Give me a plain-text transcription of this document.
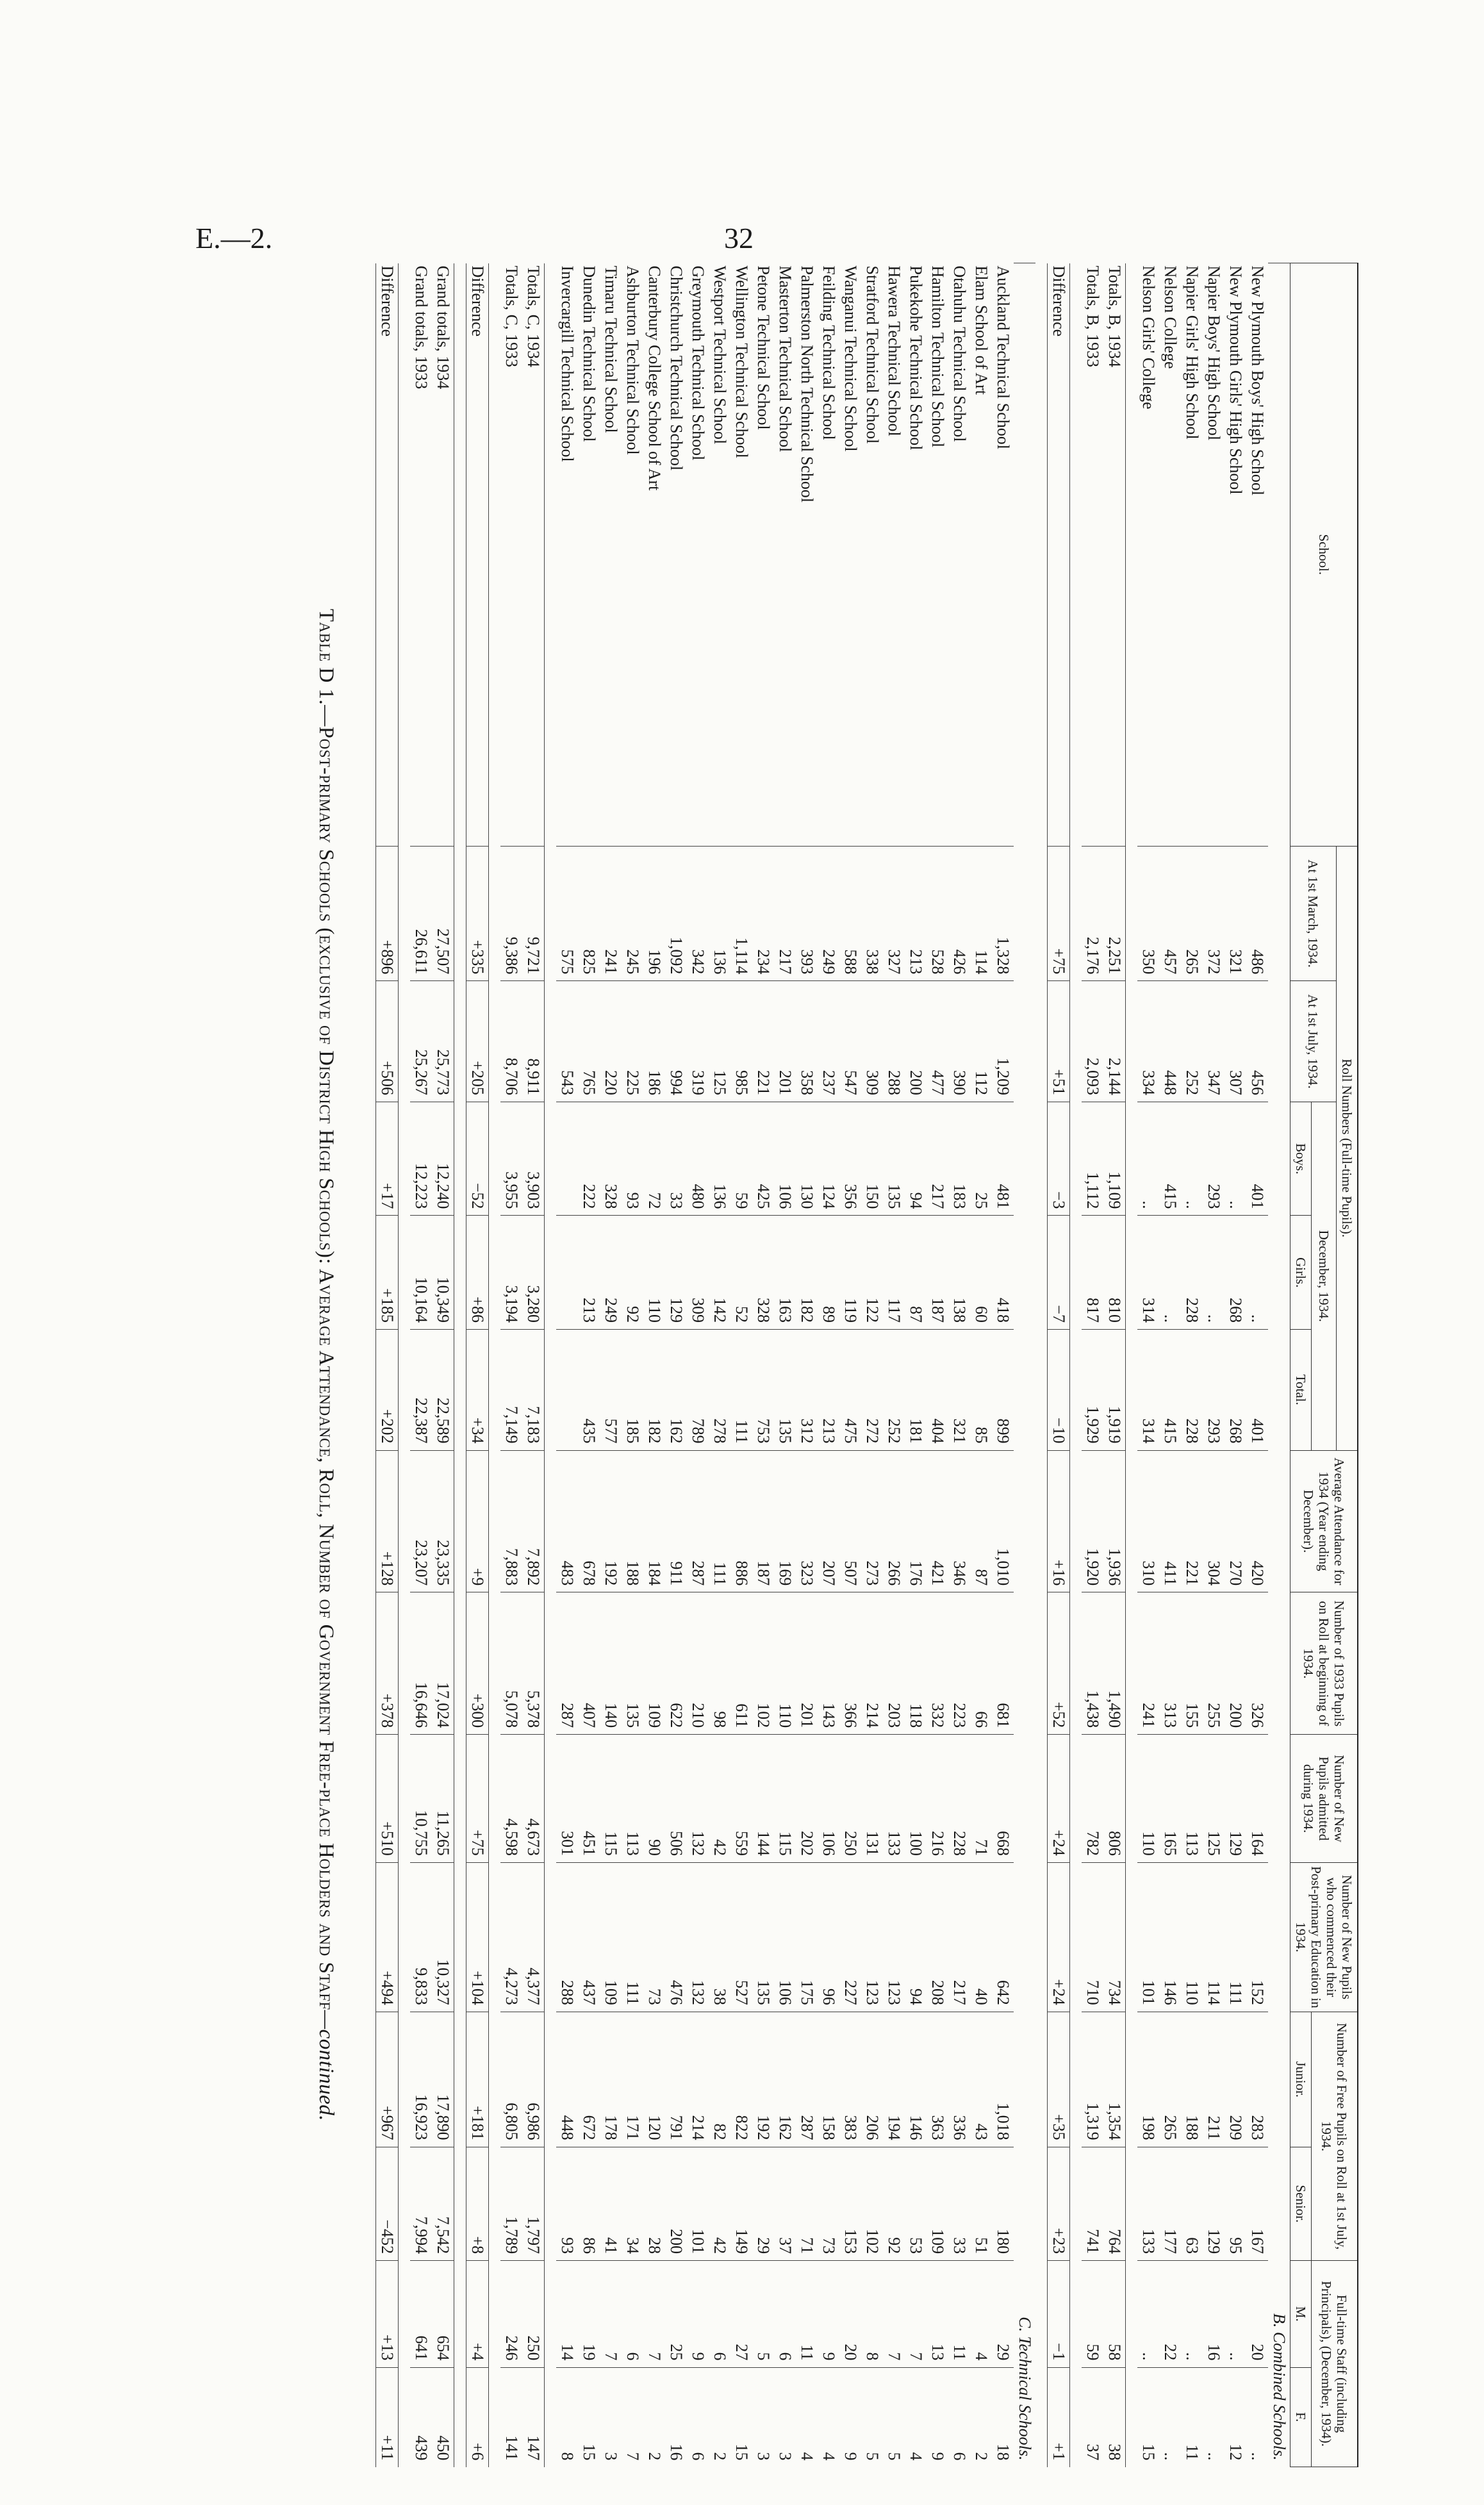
E.—2.	32
School.	Roll Numbers (Full-time Pupils).					Average Attendance for 1934 (Year ending December).	Number of 1933 Pupils on Roll at beginning of 1934.	Number of New Pupils admitted during 1934.	Number of New Pupils who commenced their Post-primary Education in 1934.	Number of Free Pupils on Roll at 1st July, 1934.		Full-time Staff (including Principals), (December, 1934).	
	At 1st March, 1934.	At 1st July, 1934.	December, 1934.										
			Boys.	Girls.	Total.					Junior.	Senior.	M.	F.
B. Combined Schools.													
New Plymouth Boys' High School	486	456	401	..	401	420	326	164	152	283	167	20	..
New Plymouth Girls' High School	321	307	..	268	268	270	200	129	111	209	95	..	12
Napier Boys' High School	372	347	293	..	293	304	255	125	114	211	129	16	..
Napier Girls' High School	265	252	..	228	228	221	155	113	110	188	63	..	11
Nelson College	457	448	415	..	415	411	313	165	146	265	177	22	..
Nelson Girls' College	350	334	..	314	314	310	241	110	101	198	133	..	15

Totals, B, 1934	2,251	2,144	1,109	810	1,919	1,936	1,490	806	734	1,354	764	58	38
Totals, B, 1933	2,176	2,093	1,112	817	1,929	1,920	1,438	782	710	1,319	741	59	37

Difference	+75	+51	−3	−7	−10	+16	+52	+24	+24	+35	+23	−1	+1

C. Technical Schools.													
Auckland Technical School	1,328	1,209	481	418	899	1,010	681	668	642	1,018	180	29	18
Elam School of Art	114	112	25	60	85	87	66	71	40	43	51	4	2
Otahuhu Technical School	426	390	183	138	321	346	223	228	217	336	33	11	6
Hamilton Technical School	528	477	217	187	404	421	332	216	208	363	109	13	9
Pukekohe Technical School	213	200	94	87	181	176	118	100	94	146	53	7	4
Hawera Technical School	327	288	135	117	252	266	203	133	123	194	92	7	5
Stratford Technical School	338	309	150	122	272	273	214	131	123	206	102	8	5
Wanganui Technical School	588	547	356	119	475	507	366	250	227	383	153	20	9
Feilding Technical School	249	237	124	89	213	207	143	106	96	158	73	9	4
Palmerston North Technical School	393	358	130	182	312	323	201	202	175	287	71	11	4
Masterton Technical School	217	201	106	163	135	169	110	115	106	162	37	6	3
Petone Technical School	234	221	425	328	753	187	102	144	135	192	29	5	3
Wellington Technical School	1,114	985	59	52	111	886	611	559	527	822	149	27	15
Westport Technical School	136	125	136	142	278	111	98	42	38	82	42	6	2
Greymouth Technical School	342	319	480	309	789	287	210	132	132	214	101	9	6
Christchurch Technical School	1,092	994	33	129	162	911	622	506	476	791	200	25	16
Canterbury College School of Art	196	186	72	110	182	184	109	90	73	120	28	7	2
Ashburton Technical School	245	225	93	92	185	188	135	113	111	171	34	6	7
Timaru Technical School	241	220	328	249	577	192	140	115	109	178	41	7	3
Dunedin Technical School	825	765	222	213	435	678	407	451	437	672	86	19	15
Invercargill Technical School	575	543				483	287	301	288	448	93	14	8

Totals, C, 1934	9,721	8,911	3,903	3,280	7,183	7,892	5,378	4,673	4,377	6,986	1,797	250	147
Totals, C, 1933	9,386	8,706	3,955	3,194	7,149	7,883	5,078	4,598	4,273	6,805	1,789	246	141

Difference	+335	+205	−52	+86	+34	+9	+300	+75	+104	+181	+8	+4	+6

Grand totals, 1934	27,507	25,773	12,240	10,349	22,589	23,335	17,024	11,265	10,327	17,890	7,542	654	450
Grand totals, 1933	26,611	25,267	12,223	10,164	22,387	23,207	16,646	10,755	9,833	16,923	7,994	641	439

Difference	+896	+506	+17	+185	+202	+128	+378	+510	+494	+967	−452	+13	+11
Table D 1.—Post-primary Schools (exclusive of District High Schools): Average Attendance, Roll, Number of Government Free-place Holders and Staff—continued.
